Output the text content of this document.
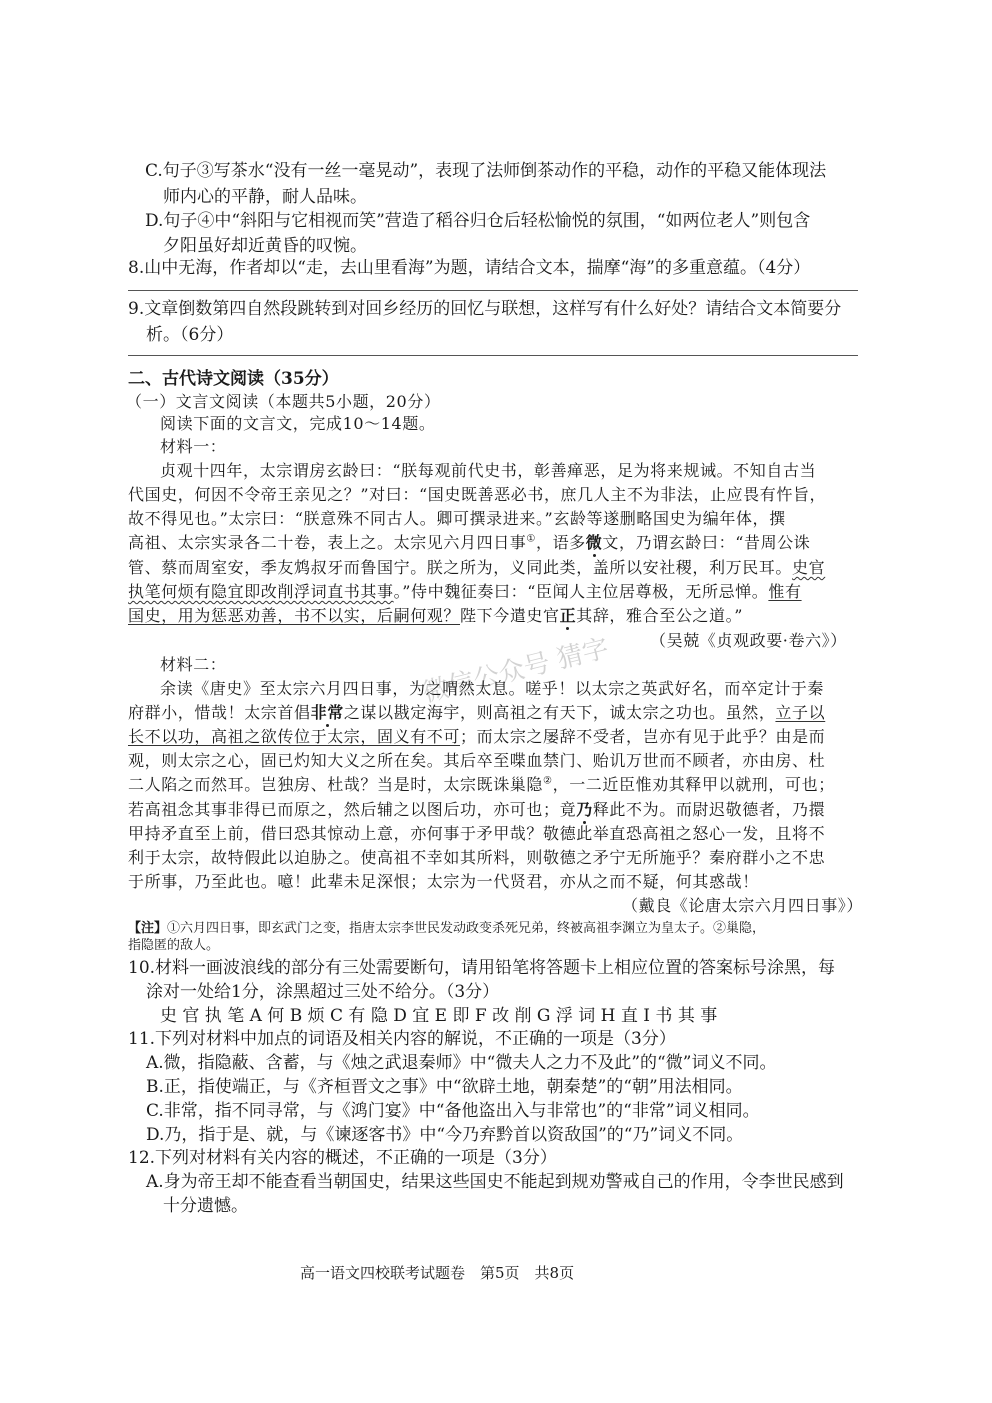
微信公众号 猜字
C.句子③写茶水“没有一丝一毫晃动”，表现了法师倒茶动作的平稳，动作的平稳又能体现法
师内心的平静，耐人品味。
D.句子④中“斜阳与它相视而笑”营造了稻谷归仓后轻松愉悦的氛围，“如两位老人”则包含
夕阳虽好却近黄昏的叹惋。
8.山中无海，作者却以“走，去山里看海”为题，请结合文本，揣摩“海”的多重意蕴。（4分）
9.文章倒数第四自然段跳转到对回乡经历的回忆与联想，这样写有什么好处？请结合文本简要分
析。（6分）
二、古代诗文阅读（35分）
（一）文言文阅读（本题共5小题，20分）
阅读下面的文言文，完成10～14题。
材料一：
贞观十四年，太宗谓房玄龄曰：“朕每观前代史书，彰善瘅恶，足为将来规诫。不知自古当
代国史，何因不令帝王亲见之？”对曰：“国史既善恶必书，庶几人主不为非法，止应畏有忤旨，
故不得见也。”太宗曰：“朕意殊不同古人。卿可撰录进来。”玄龄等遂删略国史为编年体，撰
高祖、太宗实录各二十卷，表上之。太宗见六月四日事①，语多微文，乃谓玄龄曰：“昔周公诛
管、蔡而周室安，季友鸩叔牙而鲁国宁。朕之所为，义同此类，盖所以安社稷，利万民耳。史官
执笔何烦有隐宜即改削浮词直书其事。”侍中魏征奏曰：“臣闻人主位居尊极，无所忌惮。惟有
国史，用为惩恶劝善，书不以实，后嗣何观？陛下今遣史官正其辞，雅合至公之道。”
（吴兢《贞观政要·卷六》）
材料二：
余读《唐史》至太宗六月四日事，为之喟然太息。嗟乎！以太宗之英武好名，而卒定计于秦
府群小，惜哉！太宗首倡非常之谋以戡定海宇，则高祖之有天下，诚太宗之功也。虽然，立子以
长不以功，高祖之欲传位于太宗，固义有不可；而太宗之屡辞不受者，岂亦有见于此乎？由是而
观，则太宗之心，固已灼知大义之所在矣。其后卒至喋血禁门、贻讥万世而不顾者，亦由房、杜
二人陷之而然耳。岂独房、杜哉？当是时，太宗既诛巢隐②，一二近臣惟劝其释甲以就刑，可也；
若高祖念其事非得已而原之，然后辅之以图后功，亦可也；竟乃释此不为。而尉迟敬德者，乃擐
甲持矛直至上前，借曰恐其惊动上意，亦何事于矛甲哉？敬德此举直恐高祖之怒心一发，且将不
利于太宗，故特假此以迫胁之。使高祖不幸如其所料，则敬德之矛宁无所施乎？秦府群小之不忠
于所事，乃至此也。噫！此辈未足深恨；太宗为一代贤君，亦从之而不疑，何其惑哉！
（戴良《论唐太宗六月四日事》）
【注】①六月四日事，即玄武门之变，指唐太宗李世民发动政变杀死兄弟，终被高祖李渊立为皇太子。②巢隐，
指隐匿的敌人。
10.材料一画波浪线的部分有三处需要断句，请用铅笔将答题卡上相应位置的答案标号涂黑，每
涂对一处给1分，涂黑超过三处不给分。（3分）
史 官 执 笔 A 何 B 烦 C 有 隐 D 宜 E 即 F 改 削 G 浮 词 H 直 I 书 其 事
11.下列对材料中加点的词语及相关内容的解说，不正确的一项是（3分）
A.微，指隐蔽、含蓄，与《烛之武退秦师》中“微夫人之力不及此”的“微”词义不同。
B.正，指使端正，与《齐桓晋文之事》中“欲辟土地，朝秦楚”的“朝”用法相同。
C.非常，指不同寻常，与《鸿门宴》中“备他盗出入与非常也”的“非常”词义相同。
D.乃，指于是、就，与《谏逐客书》中“今乃弃黔首以资敌国”的“乃”词义不同。
12.下列对材料有关内容的概述，不正确的一项是（3分）
A.身为帝王却不能查看当朝国史，结果这些国史不能起到规劝警戒自己的作用，令李世民感到
十分遗憾。
高一语文四校联考试题卷　第5页　共8页
